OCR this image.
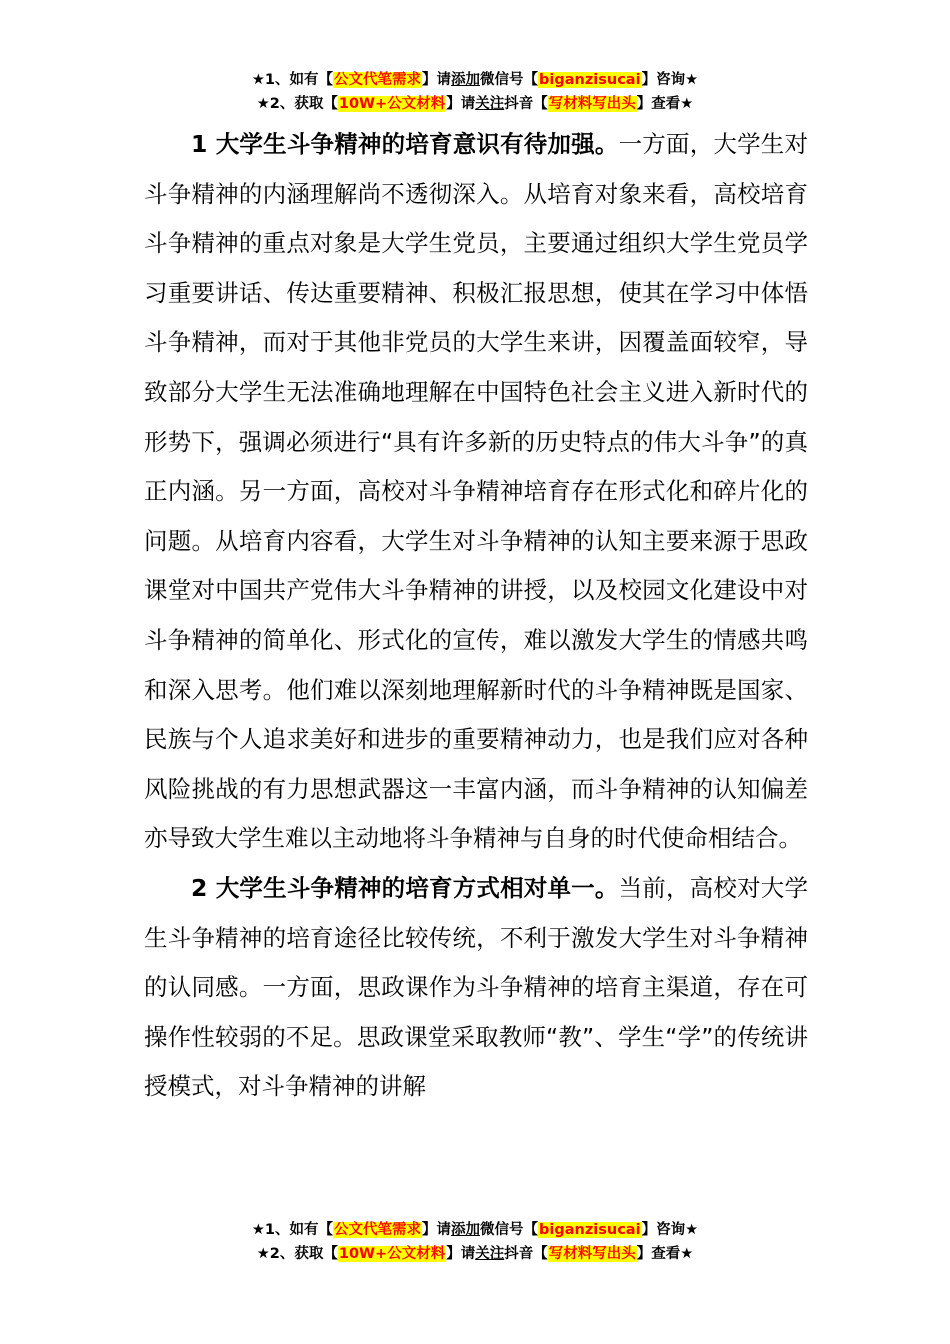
★1、如有【公文代笔需求】请添加微信号【biganzisucai】咨询★
★2、获取【10W+公文材料】请关注抖音【写材料写出头】查看★

1 大学生斗争精神的培育意识有待加强。一方面，大学生对斗争精神的内涵理解尚不透彻深入。从培育对象来看，高校培育斗争精神的重点对象是大学生党员，主要通过组织大学生党员学习重要讲话、传达重要精神、积极汇报思想，使其在学习中体悟斗争精神，而对于其他非党员的大学生来讲，因覆盖面较窄，导致部分大学生无法准确地理解在中国特色社会主义进入新时代的形势下，强调必须进行“具有许多新的历史特点的伟大斗争”的真正内涵。另一方面，高校对斗争精神培育存在形式化和碎片化的问题。从培育内容看，大学生对斗争精神的认知主要来源于思政课堂对中国共产党伟大斗争精神的讲授，以及校园文化建设中对斗争精神的简单化、形式化的宣传，难以激发大学生的情感共鸣和深入思考。他们难以深刻地理解新时代的斗争精神既是国家、民族与个人追求美好和进步的重要精神动力，也是我们应对各种风险挑战的有力思想武器这一丰富内涵，而斗争精神的认知偏差亦导致大学生难以主动地将斗争精神与自身的时代使命相结合。

2 大学生斗争精神的培育方式相对单一。当前，高校对大学生斗争精神的培育途径比较传统，不利于激发大学生对斗争精神的认同感。一方面，思政课作为斗争精神的培育主渠道，存在可操作性较弱的不足。思政课堂采取教师“教”、学生“学”的传统讲授模式，对斗争精神的讲解

★1、如有【公文代笔需求】请添加微信号【biganzisucai】咨询★
★2、获取【10W+公文材料】请关注抖音【写材料写出头】查看★
